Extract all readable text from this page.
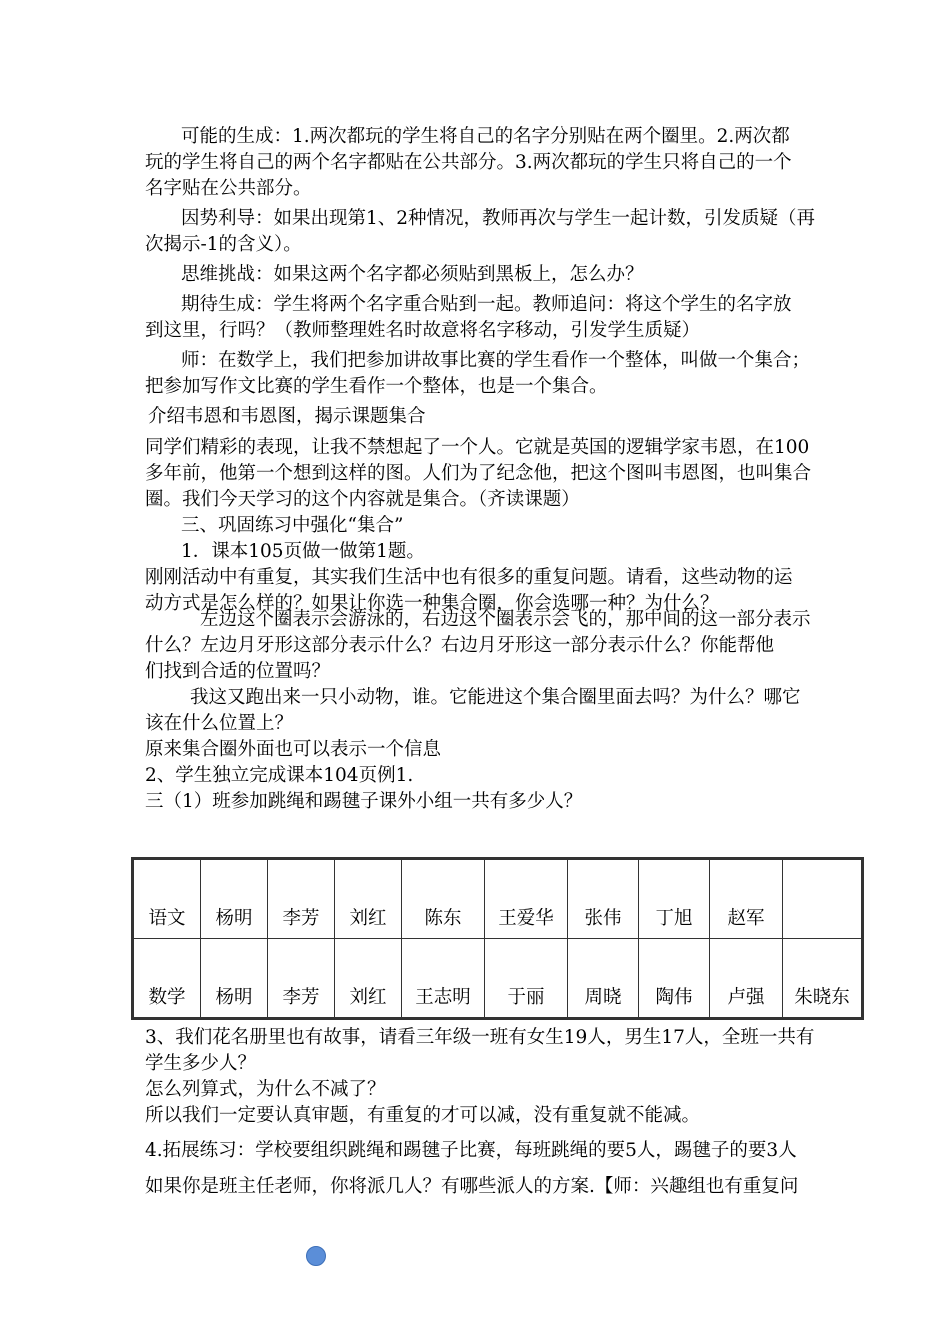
可能的生成：1.两次都玩的学生将自己的名字分别贴在两个圈里。2.两次都
玩的学生将自己的两个名字都贴在公共部分。3.两次都玩的学生只将自己的一个
名字贴在公共部分。
因势利导：如果出现第1、2种情况，教师再次与学生一起计数，引发质疑（再
次揭示-1的含义）。
思维挑战：如果这两个名字都必须贴到黑板上，怎么办？
期待生成：学生将两个名字重合贴到一起。教师追问：将这个学生的名字放
到这里，行吗？（教师整理姓名时故意将名字移动，引发学生质疑）
师：在数学上，我们把参加讲故事比赛的学生看作一个整体，叫做一个集合；
把参加写作文比赛的学生看作一个整体，也是一个集合。
介绍韦恩和韦恩图，揭示课题集合
同学们精彩的表现，让我不禁想起了一个人。它就是英国的逻辑学家韦恩，在100
多年前，他第一个想到这样的图。人们为了纪念他，把这个图叫韦恩图，也叫集合
圈。我们今天学习的这个内容就是集合。（齐读课题）
三、巩固练习中强化“集合”
1．课本105页做一做第1题。
刚刚活动中有重复，其实我们生活中也有很多的重复问题。请看，这些动物的运
动方式是怎么样的？如果让你选一种集合圈，你会选哪一种？为什么？
左边这个圈表示会游泳的，右边这个圈表示会飞的，那中间的这一部分表示
什么？左边月牙形这部分表示什么？右边月牙形这一部分表示什么？你能帮他
们找到合适的位置吗？
我这又跑出来一只小动物，谁。它能进这个集合圈里面去吗？为什么？哪它
该在什么位置上？
原来集合圈外面也可以表示一个信息
2、学生独立完成课本104页例1.
三（1）班参加跳绳和踢毽子课外小组一共有多少人？
语文	杨明	李芳	刘红	陈东	王爱华	张伟	丁旭	赵军	
数学	杨明	李芳	刘红	王志明	于丽	周晓	陶伟	卢强	朱晓东
3、我们花名册里也有故事，请看三年级一班有女生19人，男生17人，全班一共有
学生多少人？
怎么列算式，为什么不减了？
所以我们一定要认真审题，有重复的才可以减，没有重复就不能减。
4.拓展练习：学校要组织跳绳和踢毽子比赛，每班跳绳的要5人，踢毽子的要3人
如果你是班主任老师，你将派几人？有哪些派人的方案.【师：兴趣组也有重复问
